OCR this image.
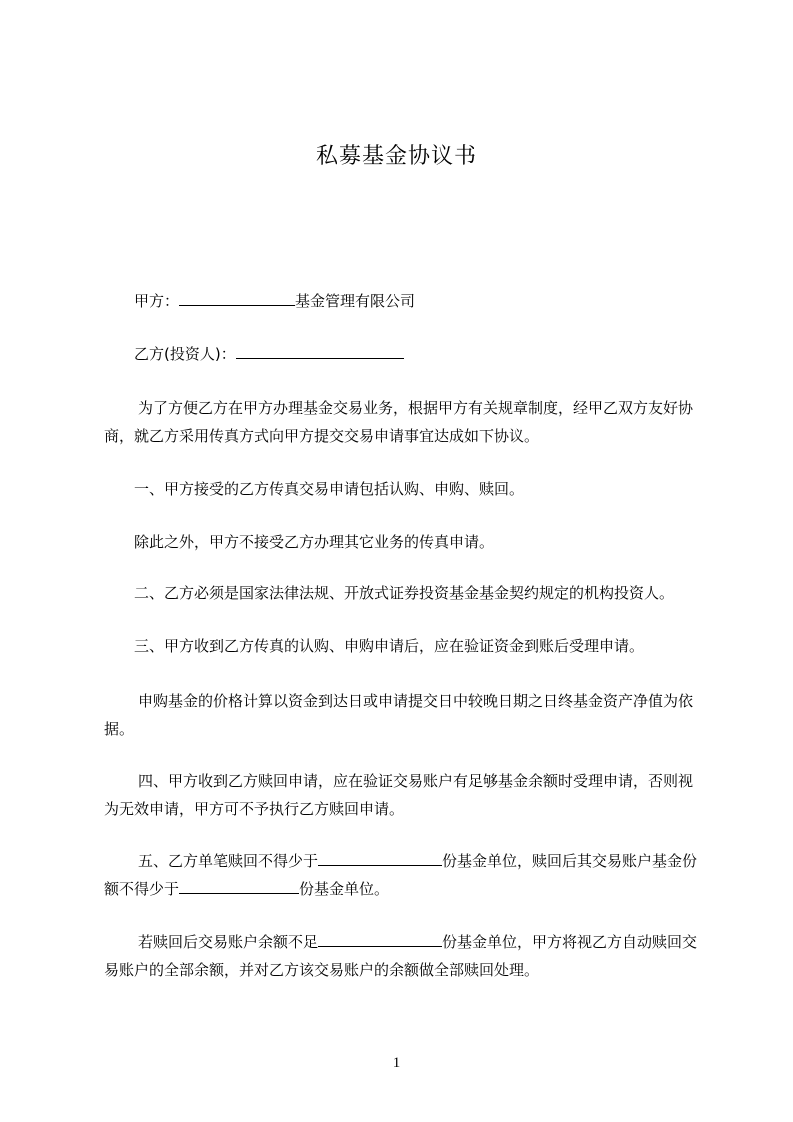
私募基金协议书
甲方：	基金管理有限公司
乙方(投资人)：
为了方便乙方在甲方办理基金交易业务，根据甲方有关规章制度，经甲乙双方友好协商，就乙方采用传真方式向甲方提交交易申请事宜达成如下协议。
一、甲方接受的乙方传真交易申请包括认购、申购、赎回。
除此之外，甲方不接受乙方办理其它业务的传真申请。
二、乙方必须是国家法律法规、开放式证券投资基金基金契约规定的机构投资人。
三、甲方收到乙方传真的认购、申购申请后，应在验证资金到账后受理申请。
申购基金的价格计算以资金到达日或申请提交日中较晚日期之日终基金资产净值为依据。
四、甲方收到乙方赎回申请，应在验证交易账户有足够基金余额时受理申请，否则视为无效申请，甲方可不予执行乙方赎回申请。
五、乙方单笔赎回不得少于	份基金单位，赎回后其交易账户基金份额不得少于	份基金单位。
若赎回后交易账户余额不足	份基金单位，甲方将视乙方自动赎回交易账户的全部余额，并对乙方该交易账户的余额做全部赎回处理。
1
